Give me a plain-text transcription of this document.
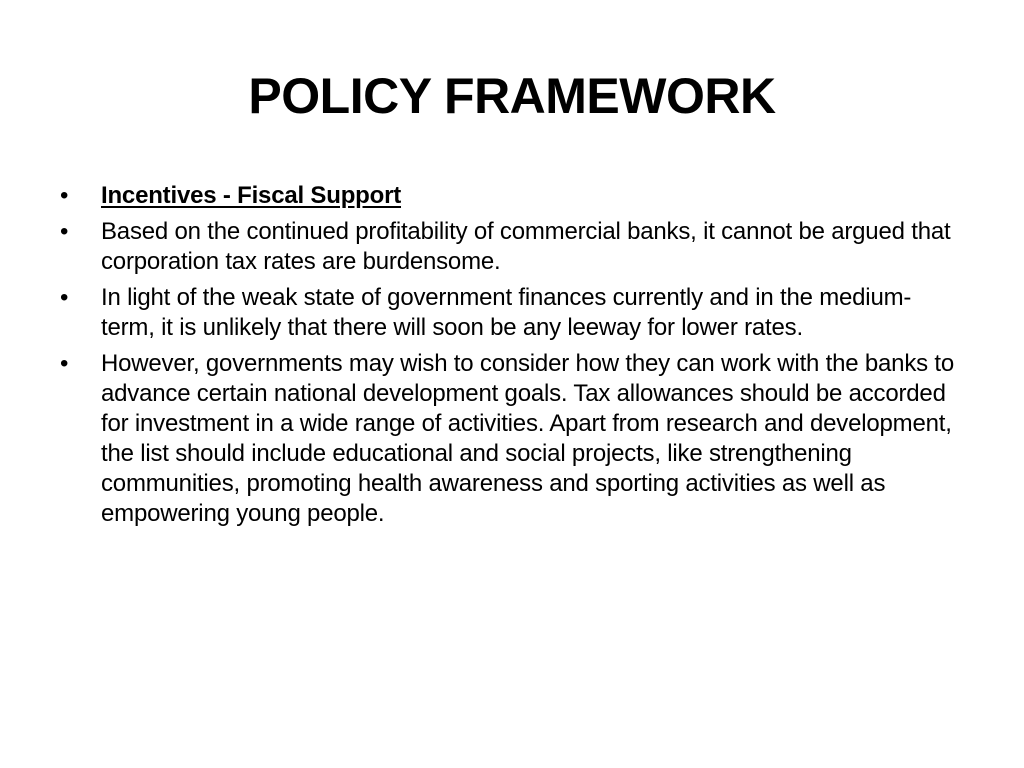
POLICY FRAMEWORK
•	Incentives - Fiscal Support
•	Based on the continued profitability of commercial banks, it cannot be argued that corporation tax rates are burdensome.
•	In light of the weak state of government finances currently and in the medium-term, it is unlikely that there will soon be any leeway for lower rates.
•	However, governments may wish to consider how they can work with the banks to advance certain national development goals. Tax allowances should be accorded for investment in a wide range of activities. Apart from research and development, the list should include educational and social projects, like strengthening communities, promoting health awareness and sporting activities as well as empowering young people.
